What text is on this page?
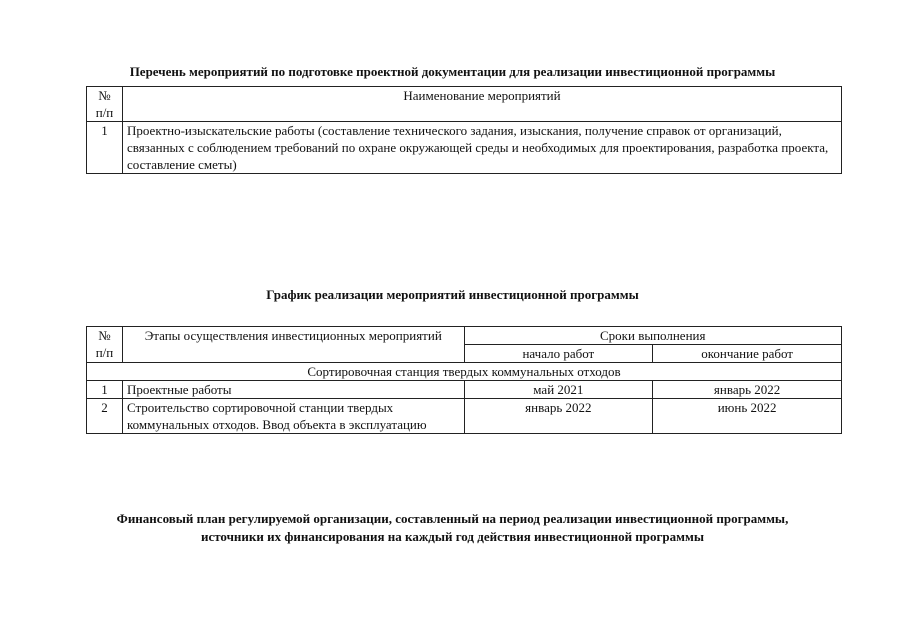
Перечень мероприятий по подготовке проектной документации для реализации инвестиционной программы
№
п/п	Наименование мероприятий
1	Проектно-изыскательские работы (составление технического задания, изыскания, получение справок от организаций, связанных с соблюдением требований по охране окружающей среды и необходимых для проектирования, разработка проекта, составление сметы)
График реализации мероприятий инвестиционной программы
№
п/п	Этапы осуществления инвестиционных мероприятий	Сроки выполнения	
		начало работ	окончание работ
Сортировочная станция твердых коммунальных отходов			
1	Проектные работы	май 2021	январь 2022
2	Строительство сортировочной станции твердых коммунальных отходов. Ввод объекта в эксплуатацию	январь 2022	июнь 2022
Финансовый план регулируемой организации, составленный на период реализации инвестиционной программы, источники их финансирования на каждый год действия инвестиционной программы
